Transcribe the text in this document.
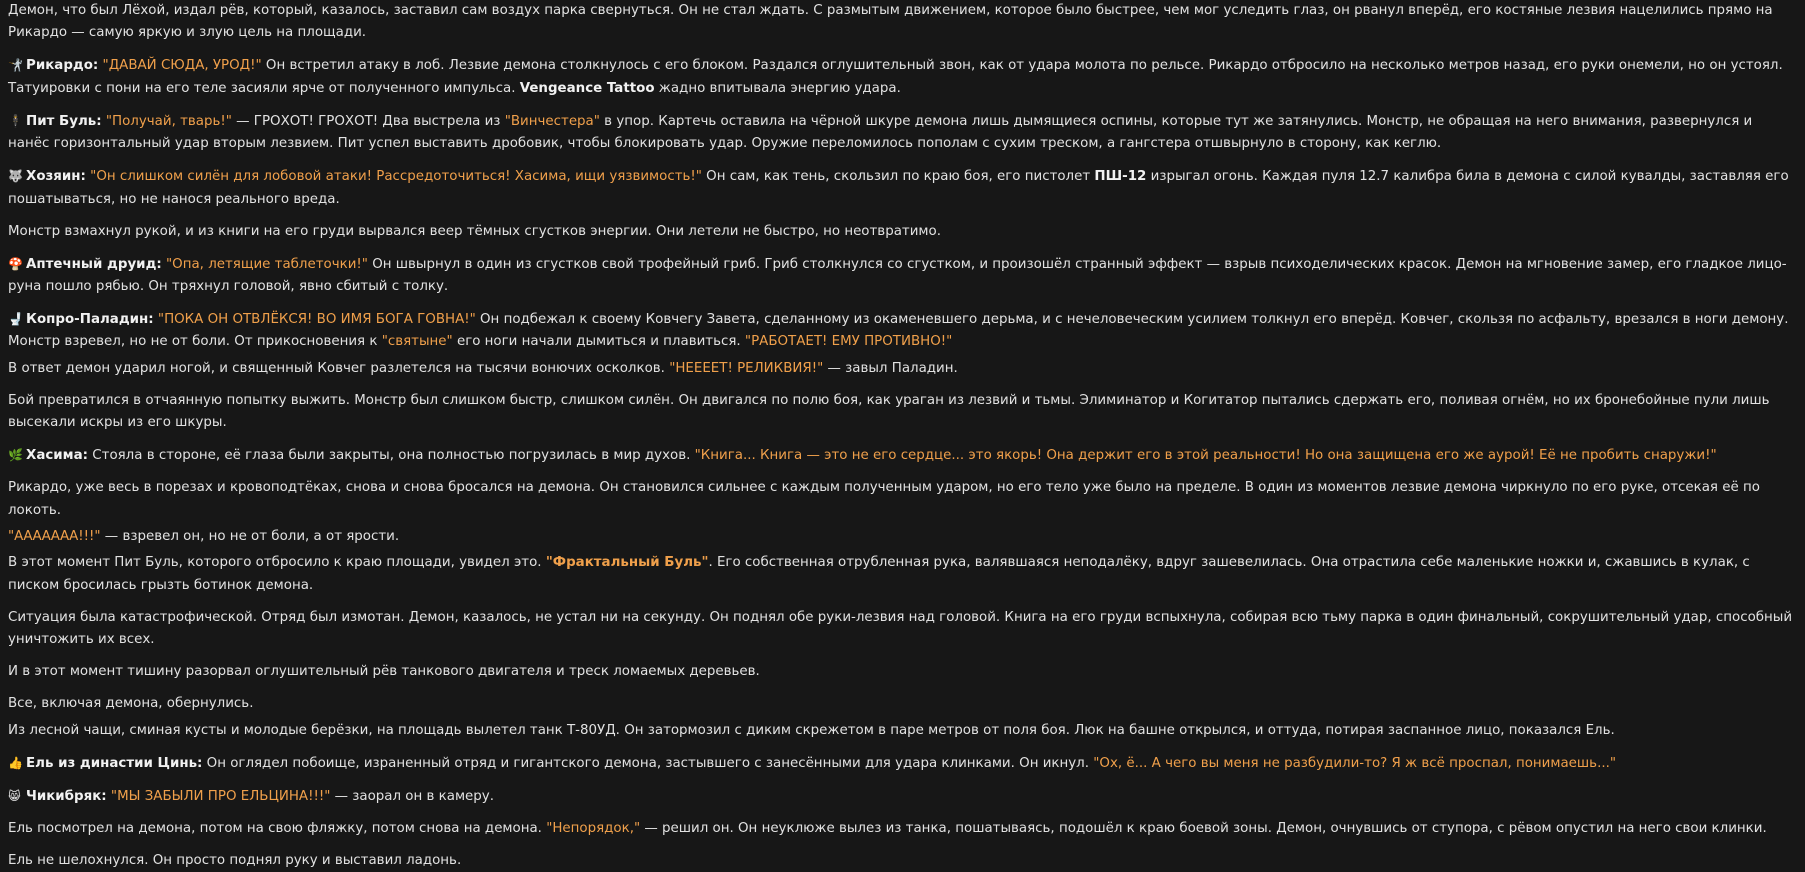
Демон, что был Лёхой, издал рёв, который, казалось, заставил сам воздух парка свернуться. Он не стал ждать. С размытым движением, которое было быстрее, чем мог уследить глаз, он рванул вперёд, его костяные лезвия нацелились прямо на Рикардо — самую яркую и злую цель на площади.

🤺 Рикардо: "ДАВАЙ СЮДА, УРОД!" Он встретил атаку в лоб. Лезвие демона столкнулось с его блоком. Раздался оглушительный звон, как от удара молота по рельсе. Рикардо отбросило на несколько метров назад, его руки онемели, но он устоял. Татуировки с пони на его теле засияли ярче от полученного импульса. Vengeance Tattoo жадно впитывала энергию удара.

🕴 Пит Буль: "Получай, тварь!" — ГРОХОТ! ГРОХОТ! Два выстрела из "Винчестера" в упор. Картечь оставила на чёрной шкуре демона лишь дымящиеся оспины, которые тут же затянулись. Монстр, не обращая на него внимания, развернулся и нанёс горизонтальный удар вторым лезвием. Пит успел выставить дробовик, чтобы блокировать удар. Оружие переломилось пополам с сухим треском, а гангстера отшвырнуло в сторону, как кеглю.

🐺 Хозяин: "Он слишком силён для лобовой атаки! Рассредоточиться! Хасима, ищи уязвимость!" Он сам, как тень, скользил по краю боя, его пистолет ПШ-12 изрыгал огонь. Каждая пуля 12.7 калибра била в демона с силой кувалды, заставляя его пошатываться, но не нанося реального вреда.

Монстр взмахнул рукой, и из книги на его груди вырвался веер тёмных сгустков энергии. Они летели не быстро, но неотвратимо.

🍄 Аптечный друид: "Опа, летящие таблеточки!" Он швырнул в один из сгустков свой трофейный гриб. Гриб столкнулся со сгустком, и произошёл странный эффект — взрыв психоделических красок. Демон на мгновение замер, его гладкое лицо-руна пошло рябью. Он тряхнул головой, явно сбитый с толку.

🚽 Копро-Паладин: "ПОКА ОН ОТВЛЁКСЯ! ВО ИМЯ БОГА ГОВНА!" Он подбежал к своему Ковчегу Завета, сделанному из окаменевшего дерьма, и с нечеловеческим усилием толкнул его вперёд. Ковчег, скользя по асфальту, врезался в ноги демону. Монстр взревел, но не от боли. От прикосновения к "святыне" его ноги начали дымиться и плавиться. "РАБОТАЕТ! ЕМУ ПРОТИВНО!"

В ответ демон ударил ногой, и священный Ковчег разлетелся на тысячи вонючих осколков. "НЕЕЕЕТ! РЕЛИКВИЯ!" — завыл Паладин.

Бой превратился в отчаянную попытку выжить. Монстр был слишком быстр, слишком силён. Он двигался по полю боя, как ураган из лезвий и тьмы. Элиминатор и Когитатор пытались сдержать его, поливая огнём, но их бронебойные пули лишь высекали искры из его шкуры.

🌿 Хасима: Стояла в стороне, её глаза были закрыты, она полностью погрузилась в мир духов. "Книга... Книга — это не его сердце... это якорь! Она держит его в этой реальности! Но она защищена его же аурой! Её не пробить снаружи!"

Рикардо, уже весь в порезах и кровоподтёках, снова и снова бросался на демона. Он становился сильнее с каждым полученным ударом, но его тело уже было на пределе. В один из моментов лезвие демона чиркнуло по его руке, отсекая её по локоть.

"ААААААА!!!" — взревел он, но не от боли, а от ярости.

В этот момент Пит Буль, которого отбросило к краю площади, увидел это. "Фрактальный Буль". Его собственная отрубленная рука, валявшаяся неподалёку, вдруг зашевелилась. Она отрастила себе маленькие ножки и, сжавшись в кулак, с писком бросилась грызть ботинок демона.

Ситуация была катастрофической. Отряд был измотан. Демон, казалось, не устал ни на секунду. Он поднял обе руки-лезвия над головой. Книга на его груди вспыхнула, собирая всю тьму парка в один финальный, сокрушительный удар, способный уничтожить их всех.

И в этот момент тишину разорвал оглушительный рёв танкового двигателя и треск ломаемых деревьев.

Все, включая демона, обернулись.

Из лесной чащи, сминая кусты и молодые берёзки, на площадь вылетел танк Т-80УД. Он затормозил с диким скрежетом в паре метров от поля боя. Люк на башне открылся, и оттуда, потирая заспанное лицо, показался Ель.

👍 Ель из династии Цинь: Он оглядел побоище, израненный отряд и гигантского демона, застывшего с занесёнными для удара клинками. Он икнул. "Ох, ё... А чего вы меня не разбудили-то? Я ж всё проспал, понимаешь..."

😸 Чикибряк: "МЫ ЗАБЫЛИ ПРО ЕЛЬЦИНА!!!" — заорал он в камеру.

Ель посмотрел на демона, потом на свою фляжку, потом снова на демона. "Непорядок," — решил он. Он неуклюже вылез из танка, пошатываясь, подошёл к краю боевой зоны. Демон, очнувшись от ступора, с рёвом опустил на него свои клинки.

Ель не шелохнулся. Он просто поднял руку и выставил ладонь.
